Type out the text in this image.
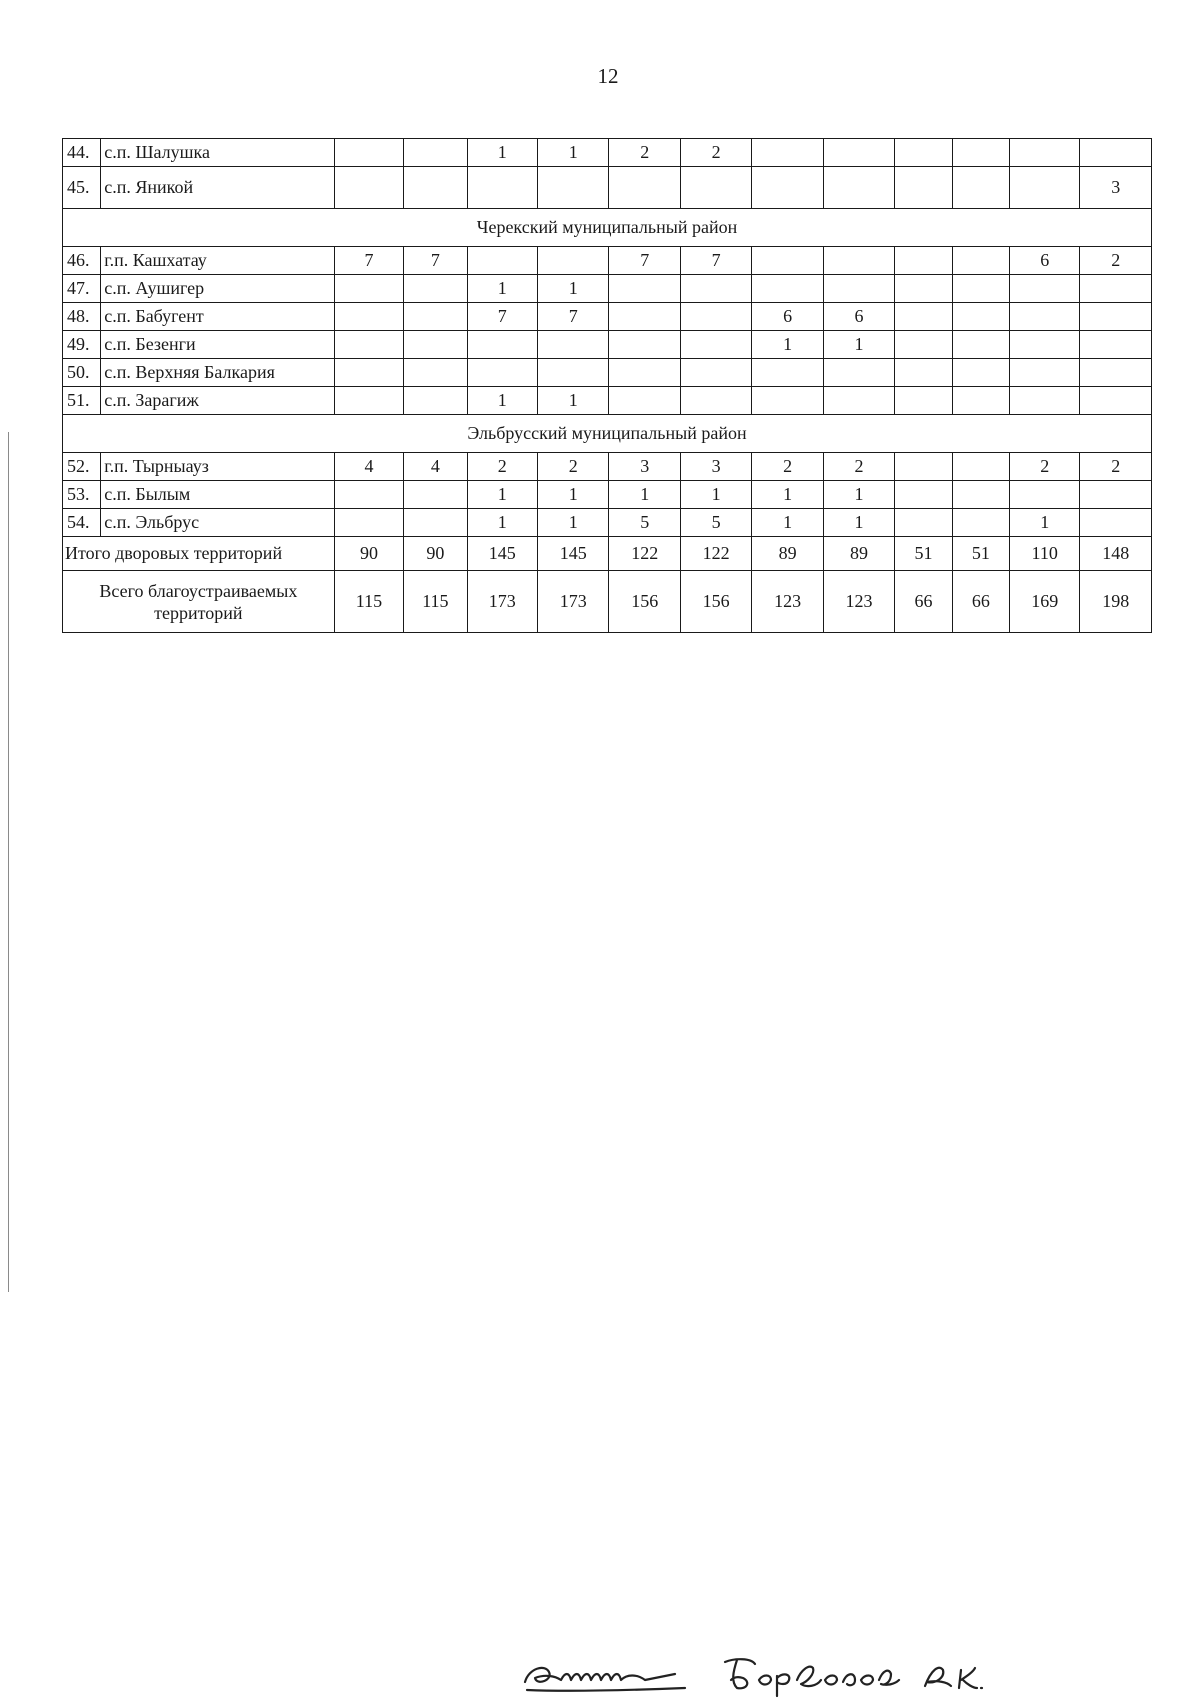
12
44.	с.п. Шалушка			1	1	2	2						
45.	с.п. Яникой												3
Черекский муниципальный район													
46.	г.п. Кашхатау	7	7			7	7					6	2
47.	с.п. Аушигер			1	1								
48.	с.п. Бабугент			7	7			6	6				
49.	с.п. Безенги							1	1				
50.	с.п. Верхняя Балкария												
51.	с.п. Зарагиж			1	1								
Эльбрусский муниципальный район													
52.	г.п. Тырныауз	4	4	2	2	3	3	2	2			2	2
53.	с.п. Былым			1	1	1	1	1	1				
54.	с.п. Эльбрус			1	1	5	5	1	1			1	
Итого дворовых территорий		90	90	145	145	122	122	89	89	51	51	110	148
Всего благоустраиваемых территорий		115	115	173	173	156	156	123	123	66	66	169	198
